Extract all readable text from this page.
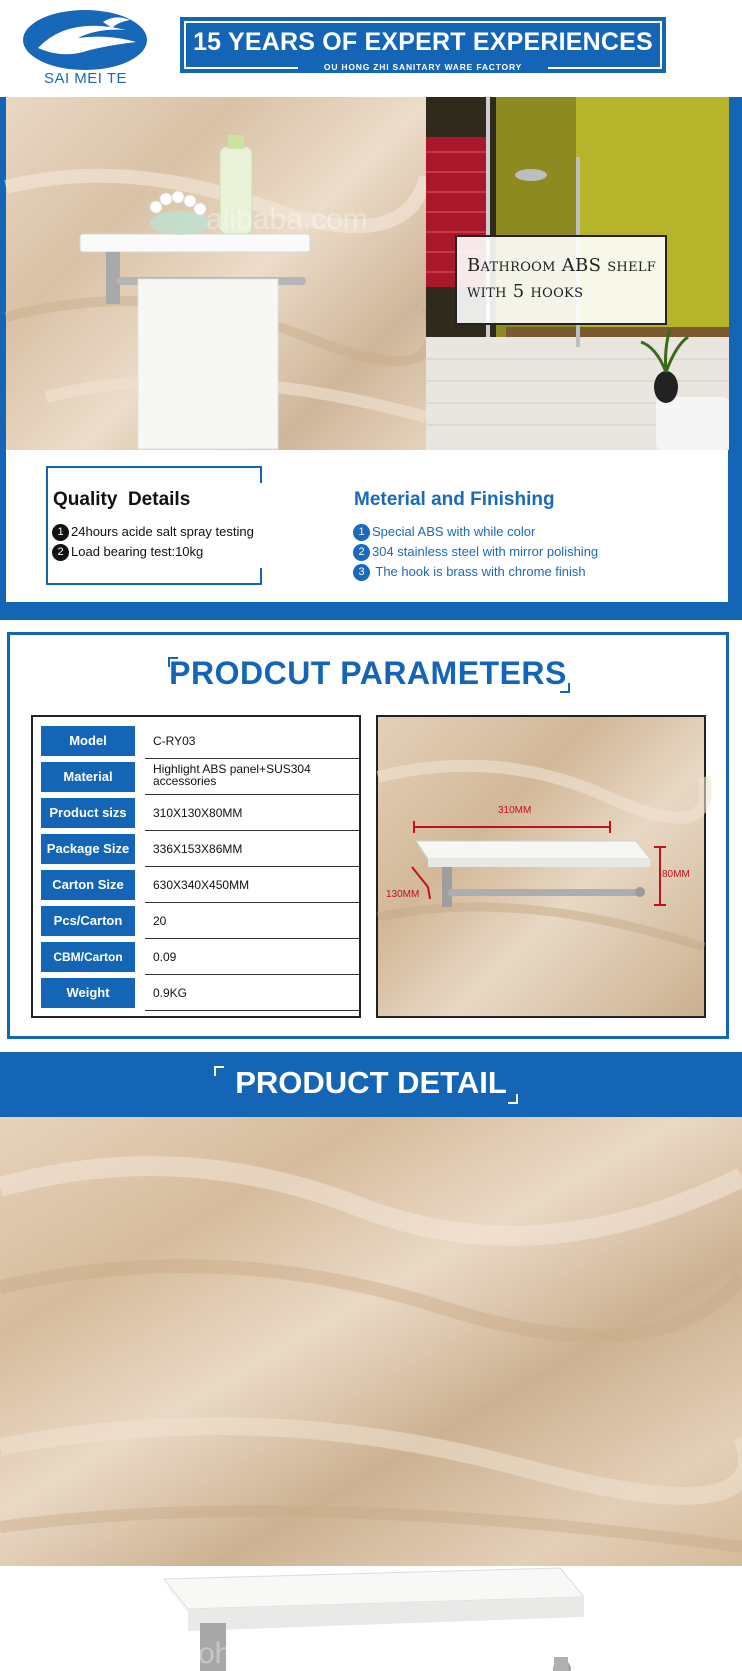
SAI MEI TE
15 YEARS OF EXPERT EXPERIENCES
OU HONG ZHI SANITARY WARE FACTORY
alibaba.com
Bathroom ABS shelf
with 5 hooks
Quality  Details
1 24hours acide salt spray testing
2 Load bearing test:10kg
Meterial and Finishing
1 Special ABS with while color
2 304 stainless steel with mirror polishing
3 The hook is brass with chrome finish
PRODCUT PARAMETERS
Model	C-RY03
Material	Highlight ABS panel+SUS304 accessories
Product sizs	310X130X80MM
Package Size	336X153X86MM
Carton Size	630X340X450MM
Pcs/Carton	20
CBM/Carton	0.09
Weight	0.9KG
310MM
80MM
130MM
PRODUCT DETAIL
ohz.en.alibaba.com
